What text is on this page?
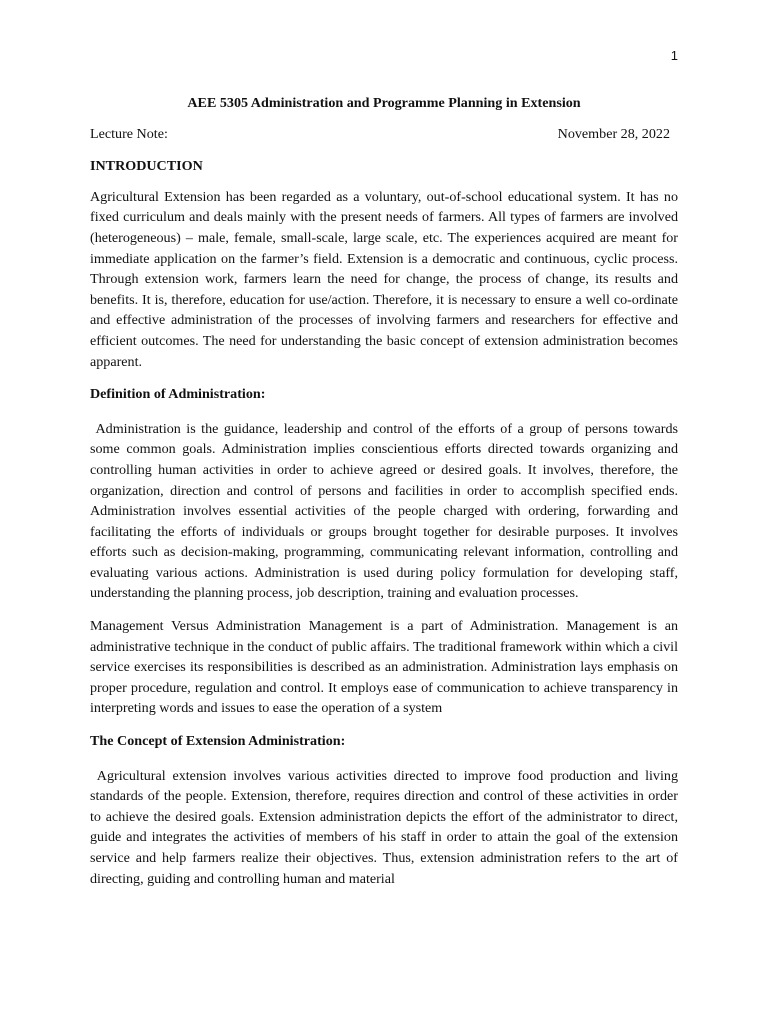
1
AEE 5305 Administration and Programme Planning in Extension
Lecture Note:	November 28, 2022
INTRODUCTION
Agricultural Extension has been regarded as a voluntary, out-of-school educational system. It has no fixed curriculum and deals mainly with the present needs of farmers. All types of farmers are involved (heterogeneous) – male, female, small-scale, large scale, etc. The experiences acquired are meant for immediate application on the farmer’s field. Extension is a democratic and continuous, cyclic process. Through extension work, farmers learn the need for change, the process of change, its results and benefits. It is, therefore, education for use/action. Therefore, it is necessary to ensure a well co-ordinate and effective administration of the processes of involving farmers and researchers for effective and efficient outcomes. The need for understanding the basic concept of extension administration becomes apparent.
Definition of Administration:
Administration is the guidance, leadership and control of the efforts of a group of persons towards some common goals. Administration implies conscientious efforts directed towards organizing and controlling human activities in order to achieve agreed or desired goals. It involves, therefore, the organization, direction and control of persons and facilities in order to accomplish specified ends. Administration involves essential activities of the people charged with ordering, forwarding and facilitating the efforts of individuals or groups brought together for desirable purposes. It involves efforts such as decision-making, programming, communicating relevant information, controlling and evaluating various actions. Administration is used during policy formulation for developing staff, understanding the planning process, job description, training and evaluation processes.
Management Versus Administration Management is a part of Administration. Management is an administrative technique in the conduct of public affairs. The traditional framework within which a civil service exercises its responsibilities is described as an administration. Administration lays emphasis on proper procedure, regulation and control. It employs ease of communication to achieve transparency in interpreting words and issues to ease the operation of a system
The Concept of Extension Administration:
Agricultural extension involves various activities directed to improve food production and living standards of the people. Extension, therefore, requires direction and control of these activities in order to achieve the desired goals. Extension administration depicts the effort of the administrator to direct, guide and integrates the activities of members of his staff in order to attain the goal of the extension service and help farmers realize their objectives. Thus, extension administration refers to the art of directing, guiding and controlling human and material
